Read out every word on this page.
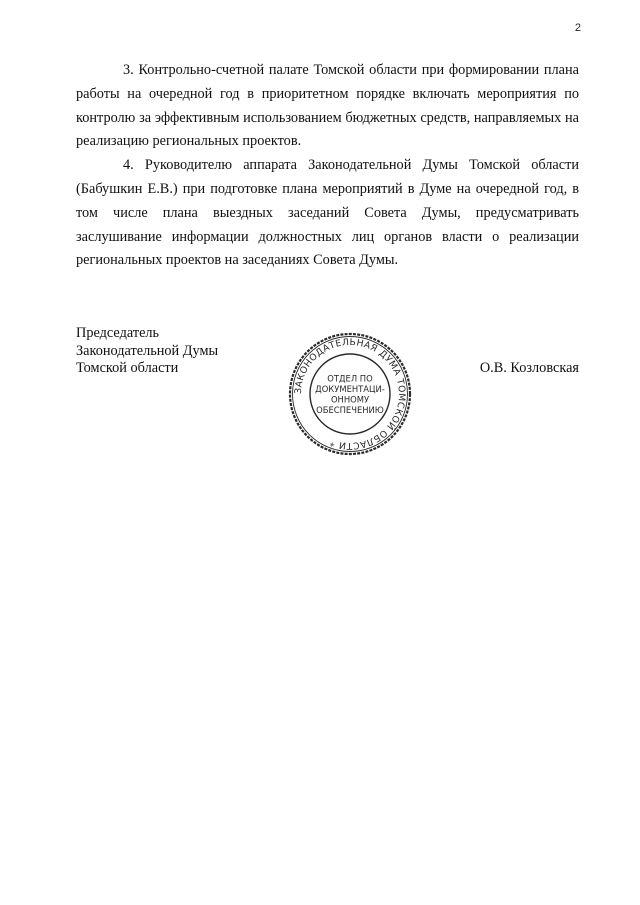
2

3. Контрольно-счетной палате Томской области при формировании плана работы на очередной год в приоритетном порядке включать мероприятия по контролю за эффективным использованием бюджетных средств, направляемых на реализацию региональных проектов.

4. Руководителю аппарата Законодательной Думы Томской области (Бабушкин Е.В.) при подготовке плана мероприятий в Думе на очередной год, в том числе плана выездных заседаний Совета Думы, предусматривать заслушивание информации должностных лиц органов власти о реализации региональных проектов на заседаниях Совета Думы.

Председатель
Законодательной Думы
Томской области	О.В. Козловская
ЗАКОНОДАТЕЛЬНАЯ ДУМА ТОМСКОЙ ОБЛАСТИ *
ОТДЕЛ ПО
ДОКУМЕНТАЦИ-
ОННОМУ
ОБЕСПЕЧЕНИЮ
